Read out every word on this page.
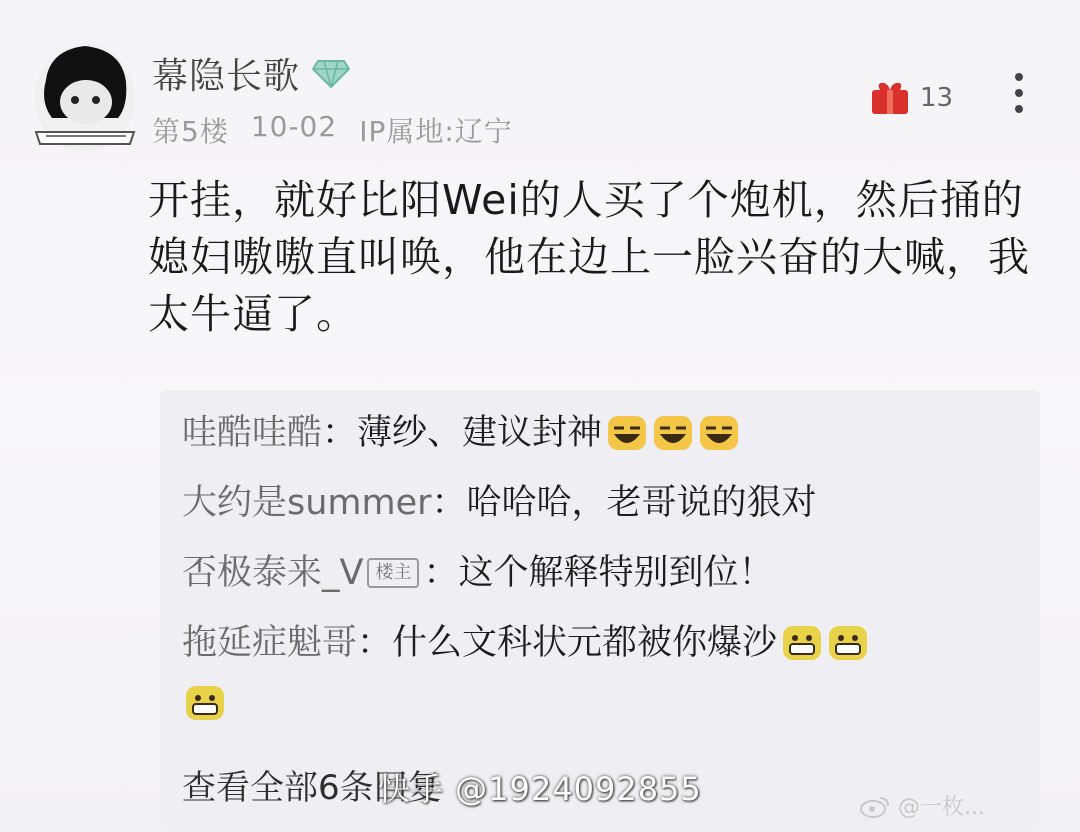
幕隐长歌
第5楼 10-02 IP属地:辽宁
13
开挂，就好比阳Wei的人买了个炮机，然后捅的媳妇嗷嗷直叫唤，他在边上一脸兴奋的大喊，我太牛逼了。
哇酷哇酷 ： 薄纱、建议封神
大约是summer ： 哈哈哈，老哥说的狠对
否极泰来_V 楼主 ： 这个解释特别到位！
拖延症魁哥 ： 什么文科状元都被你爆沙
查看全部6条回复
快手 @1924092855	@一枚...
